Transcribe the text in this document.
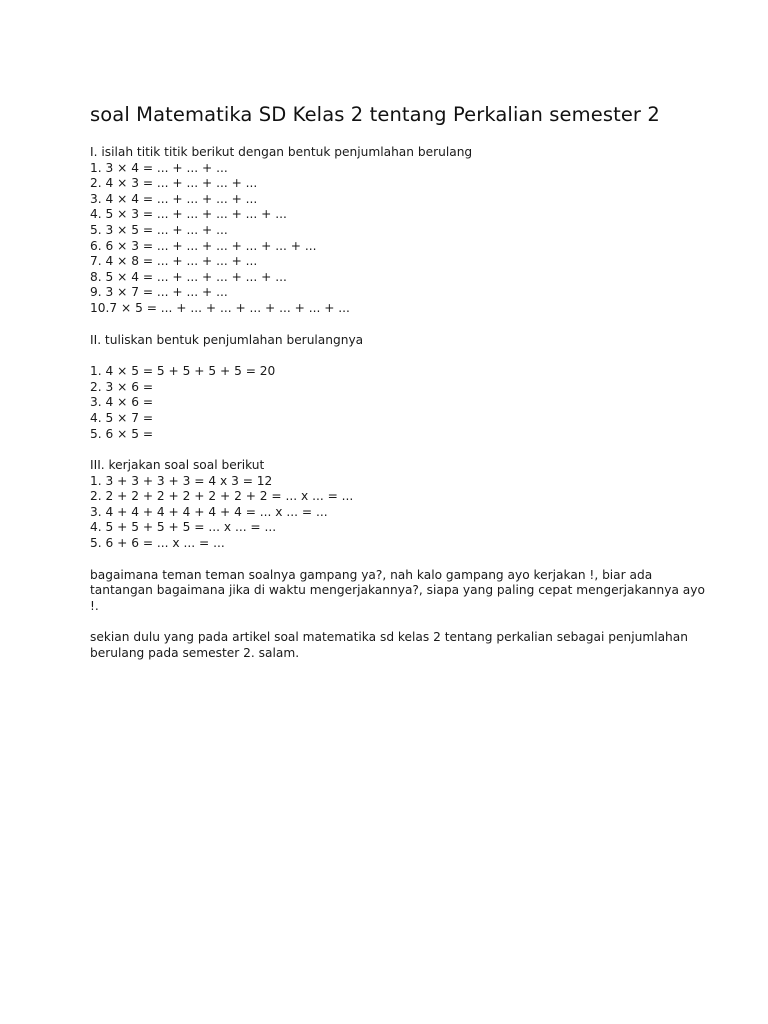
soal Matematika SD Kelas 2 tentang Perkalian semester 2
I. isilah titik titik berikut dengan bentuk penjumlahan berulang
1. 3 × 4 = ... + ... + ...
2. 4 × 3 = ... + ... + ... + ...
3. 4 × 4 = ... + ... + ... + ...
4. 5 × 3 = ... + ... + ... + ... + ...
5. 3 × 5 = ... + ... + ...
6. 6 × 3 = ... + ... + ... + ... + ... + ...
7. 4 × 8 = ... + ... + ... + ...
8. 5 × 4 = ... + ... + ... + ... + ...
9. 3 × 7 = ... + ... + ...
10.7 × 5 = ... + ... + ... + ... + ... + ... + ...
II. tuliskan bentuk penjumlahan berulangnya
1. 4 × 5 = 5 + 5 + 5 + 5 = 20
2. 3 × 6 =
3. 4 × 6 =
4. 5 × 7 =
5. 6 × 5 =
III. kerjakan soal soal berikut
1. 3 + 3 + 3 + 3 = 4 x 3 = 12
2. 2 + 2 + 2 + 2 + 2 + 2 + 2 = ... x ... = ...
3. 4 + 4 + 4 + 4 + 4 + 4 = ... x ... = ...
4. 5 + 5 + 5 + 5 = ... x ... = ...
5. 6 + 6 = ... x ... = ...

bagaimana teman teman soalnya gampang ya?, nah kalo gampang ayo kerjakan !, biar ada tantangan bagaimana jika di waktu mengerjakannya?, siapa yang paling cepat mengerjakannya ayo !.

sekian dulu yang pada artikel soal matematika sd kelas 2 tentang perkalian sebagai penjumlahan berulang pada semester 2. salam.
